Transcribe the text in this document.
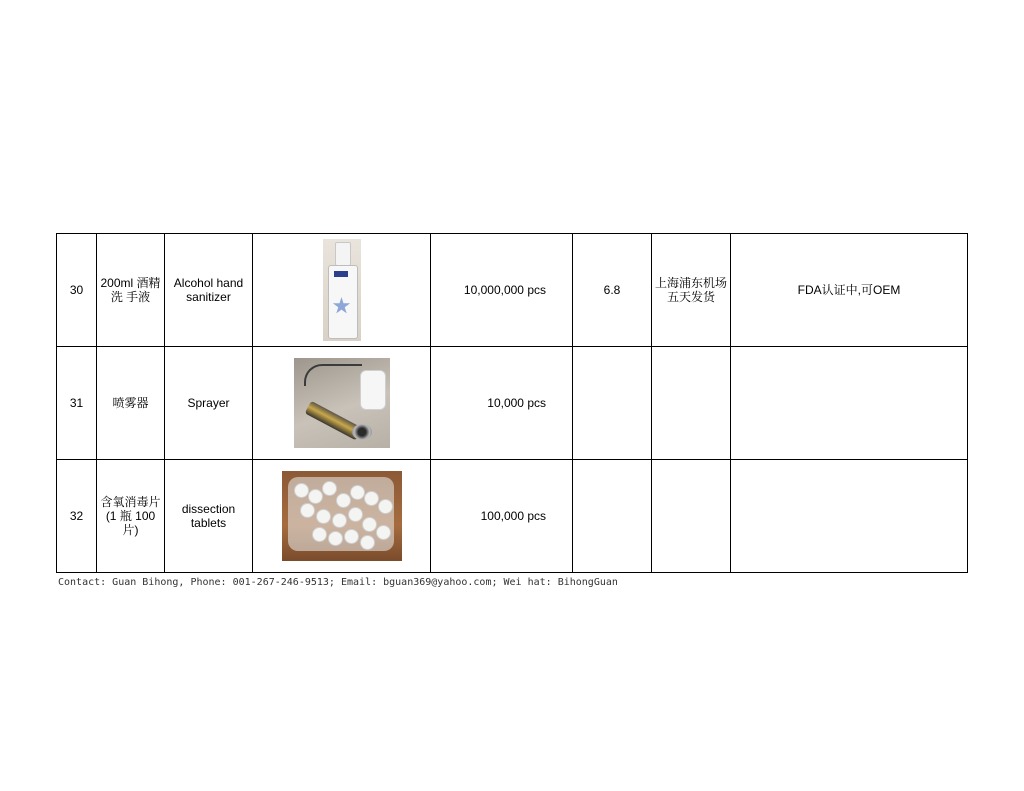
30	200ml 酒精洗 手液	Alcohol hand sanitizer		10,000,000 pcs	6.8	上海浦东机场 五天发货	FDA认证中,可OEM
31	喷雾器	Sprayer		10,000 pcs			
32	含氧消毒片 (1 瓶 100 片)	dissection tablets		100,000 pcs			
Contact: Guan Bihong, Phone: 001-267-246-9513; Email: bguan369@yahoo.com; Wei hat: BihongGuan
